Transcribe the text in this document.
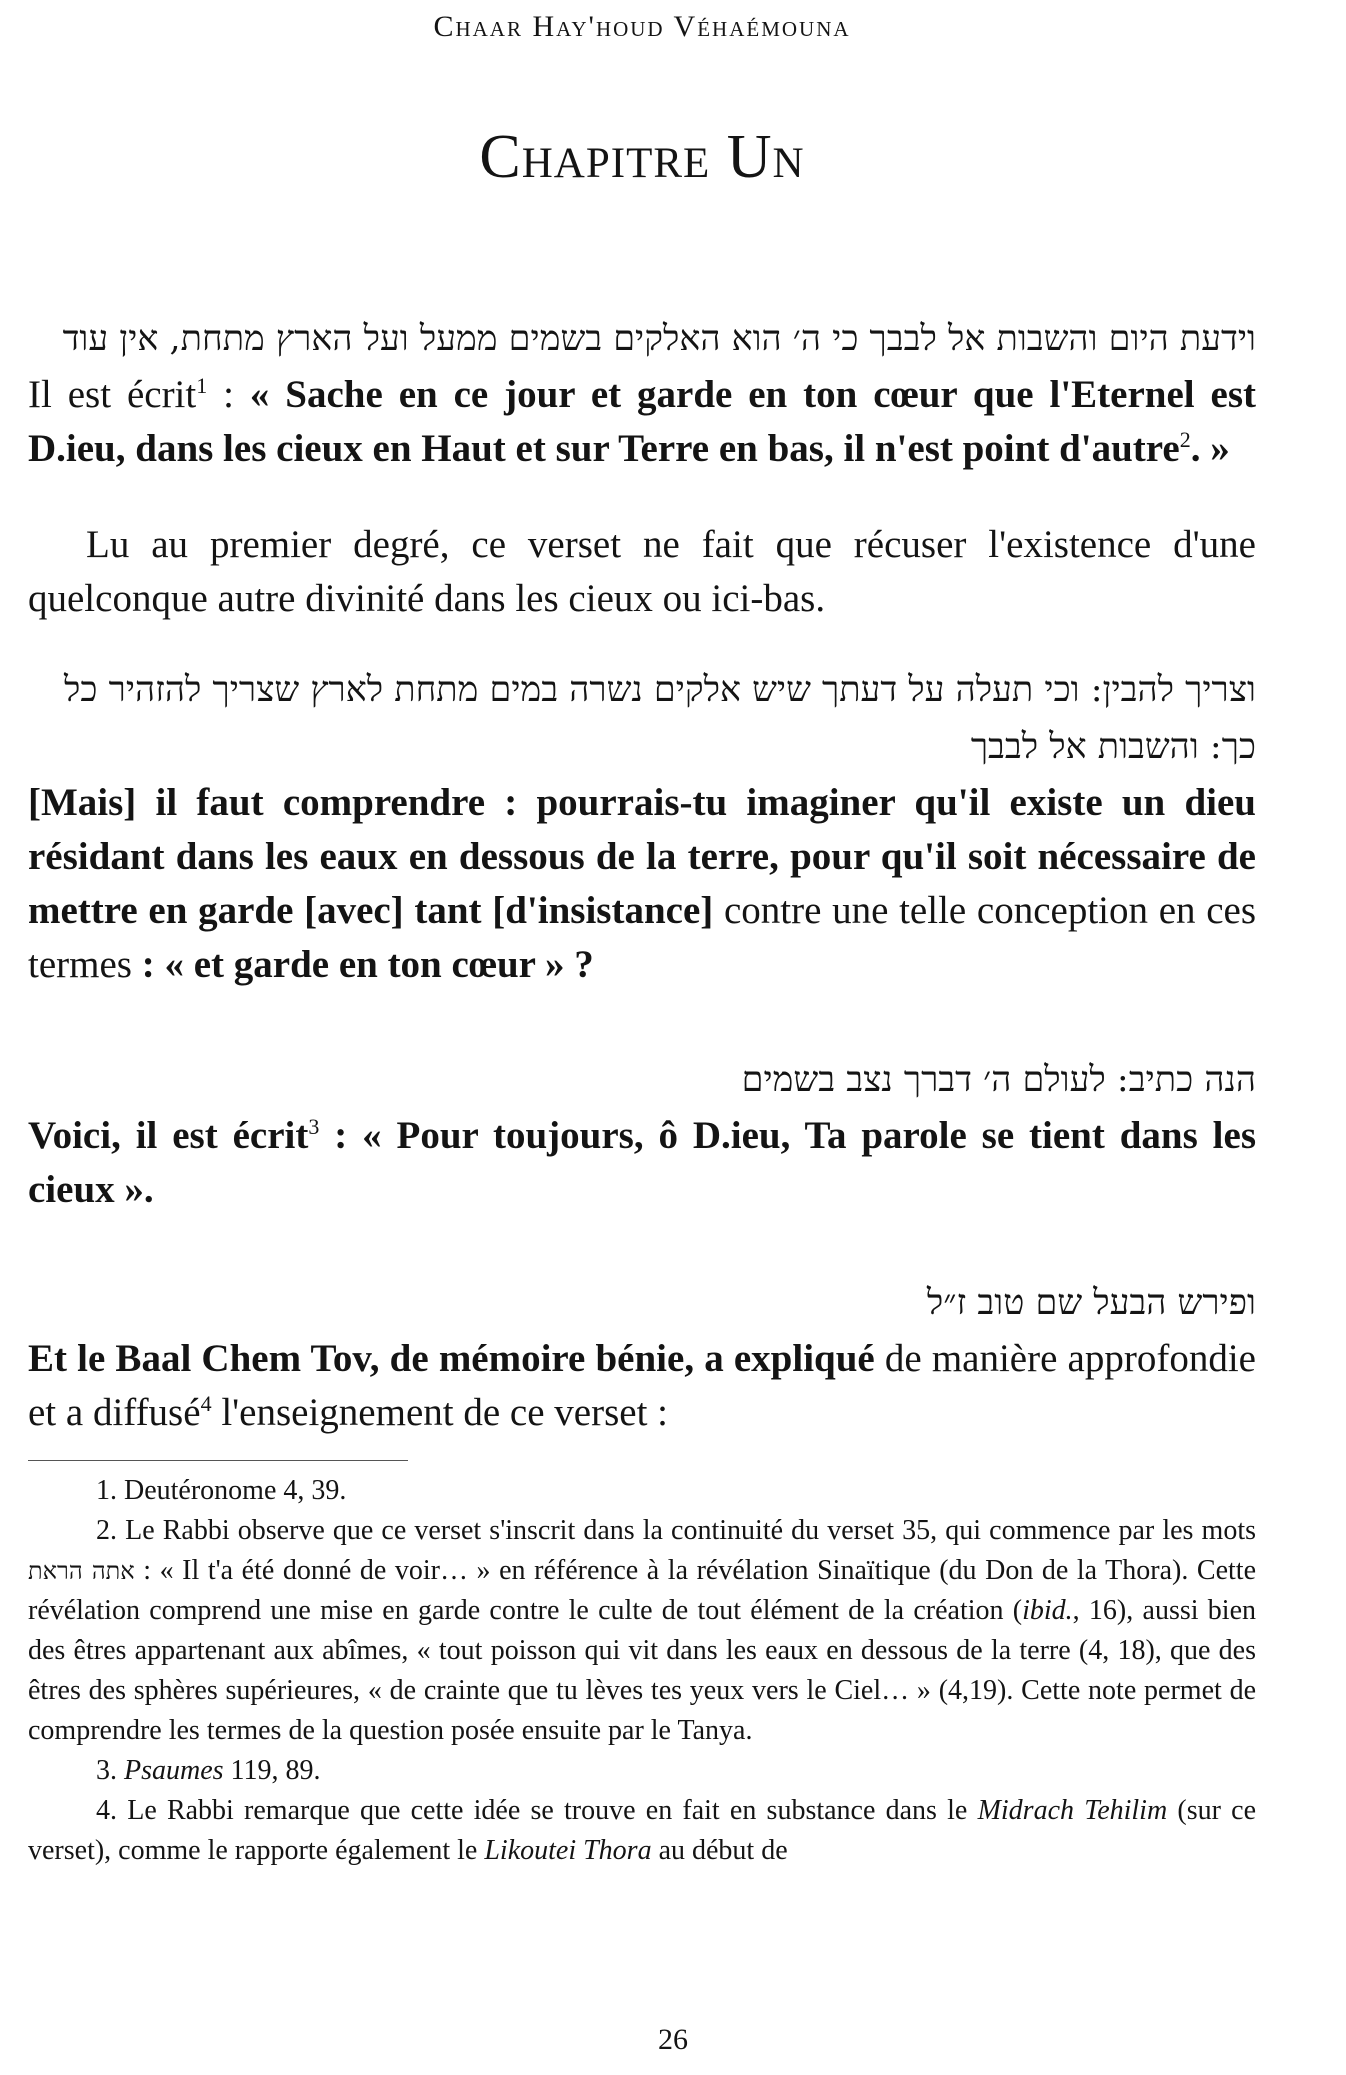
Chaar Hay'houd Véhaémouna
Chapitre Un

וידעת היום והשבות אל לבבך כי ה׳ הוא האלקים בשמים ממעל ועל הארץ מתחת, אין עוד

Il est écrit$^1$ : « Sache en ce jour et garde en ton cœur que l'Eternel est D.ieu, dans les cieux en Haut et sur Terre en bas, il n'est point d'autre$^2$. »

Lu au premier degré, ce verset ne fait que récuser l'existence d'une quelconque autre divinité dans les cieux ou ici-bas.

וצריך להבין: וכי תעלה על דעתך שיש אלקים נשרה במים מתחת לארץ שצריך להזהיר כל כך: והשבות אל לבבך

[Mais] il faut comprendre : pourrais-tu imaginer qu'il existe un dieu résidant dans les eaux en dessous de la terre, pour qu'il soit nécessaire de mettre en garde [avec] tant [d'insistance] contre une telle conception en ces termes : « et garde en ton cœur » ?

הנה כתיב: לעולם ה׳ דברך נצב בשמים

Voici, il est écrit$^3$ : « Pour toujours, ô D.ieu, Ta parole se tient dans les cieux ».

ופירש הבעל שם טוב ז״ל

Et le Baal Chem Tov, de mémoire bénie, a expliqué de manière approfondie et a diffusé$^4$ l'enseignement de ce verset :

1. Deutéronome 4, 39.

2. Le Rabbi observe que ce verset s'inscrit dans la continuité du verset 35, qui commence par les mots אתה הראת : « Il t'a été donné de voir… » en référence à la révélation Sinaïtique (du Don de la Thora). Cette révélation comprend une mise en garde contre le culte de tout élément de la création (ibid., 16), aussi bien des êtres appartenant aux abîmes, « tout poisson qui vit dans les eaux en dessous de la terre (4, 18), que des êtres des sphères supérieures, « de crainte que tu lèves tes yeux vers le Ciel… » (4,19). Cette note permet de comprendre les termes de la question posée ensuite par le Tanya.

3. Psaumes 119, 89.

4. Le Rabbi remarque que cette idée se trouve en fait en substance dans le Midrach Tehilim (sur ce verset), comme le rapporte également le Likoutei Thora au début de

26
